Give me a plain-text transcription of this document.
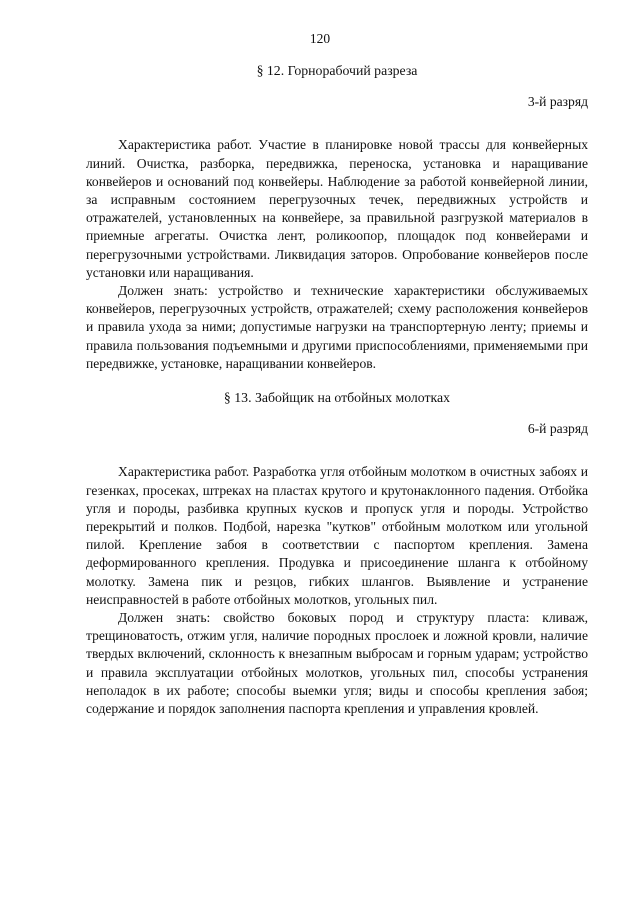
120
§ 12. Горнорабочий разреза

3-й разряд

Характеристика работ. Участие в планировке новой трассы для конвейерных линий. Очистка, разборка, передвижка, переноска, установка и наращивание конвейеров и оснований под конвейеры. Наблюдение за работой конвейерной линии, за исправным состоянием перегрузочных течек, передвижных устройств и отражателей, установленных на конвейере, за правильной разгрузкой материалов в приемные агрегаты. Очистка лент, роликоопор, площадок под конвейерами и перегрузочными устройствами. Ликвидация заторов. Опробование конвейеров после установки или наращивания.

Должен знать: устройство и технические характеристики обслуживаемых конвейеров, перегрузочных устройств, отражателей; схему расположения конвейеров и правила ухода за ними; допустимые нагрузки на транспортерную ленту; приемы и правила пользования подъемными и другими приспособлениями, применяемыми при передвижке, установке, наращивании конвейеров.

§ 13. Забойщик на отбойных молотках

6-й разряд

Характеристика работ. Разработка угля отбойным молотком в очистных забоях и гезенках, просеках, штреках на пластах крутого и крутонаклонного падения. Отбойка угля и породы, разбивка крупных кусков и пропуск угля и породы. Устройство перекрытий и полков. Подбой, нарезка "кутков" отбойным молотком или угольной пилой. Крепление забоя в соответствии с паспортом крепления. Замена деформированного крепления. Продувка и присоединение шланга к отбойному молотку. Замена пик и резцов, гибких шлангов. Выявление и устранение неисправностей в работе отбойных молотков, угольных пил.

Должен знать: свойство боковых пород и структуру пласта: кливаж, трещиноватость, отжим угля, наличие породных прослоек и ложной кровли, наличие твердых включений, склонность к внезапным выбросам и горным ударам; устройство и правила эксплуатации отбойных молотков, угольных пил, способы устранения неполадок в их работе; способы выемки угля; виды и способы крепления забоя; содержание и порядок заполнения паспорта крепления и управления кровлей.
